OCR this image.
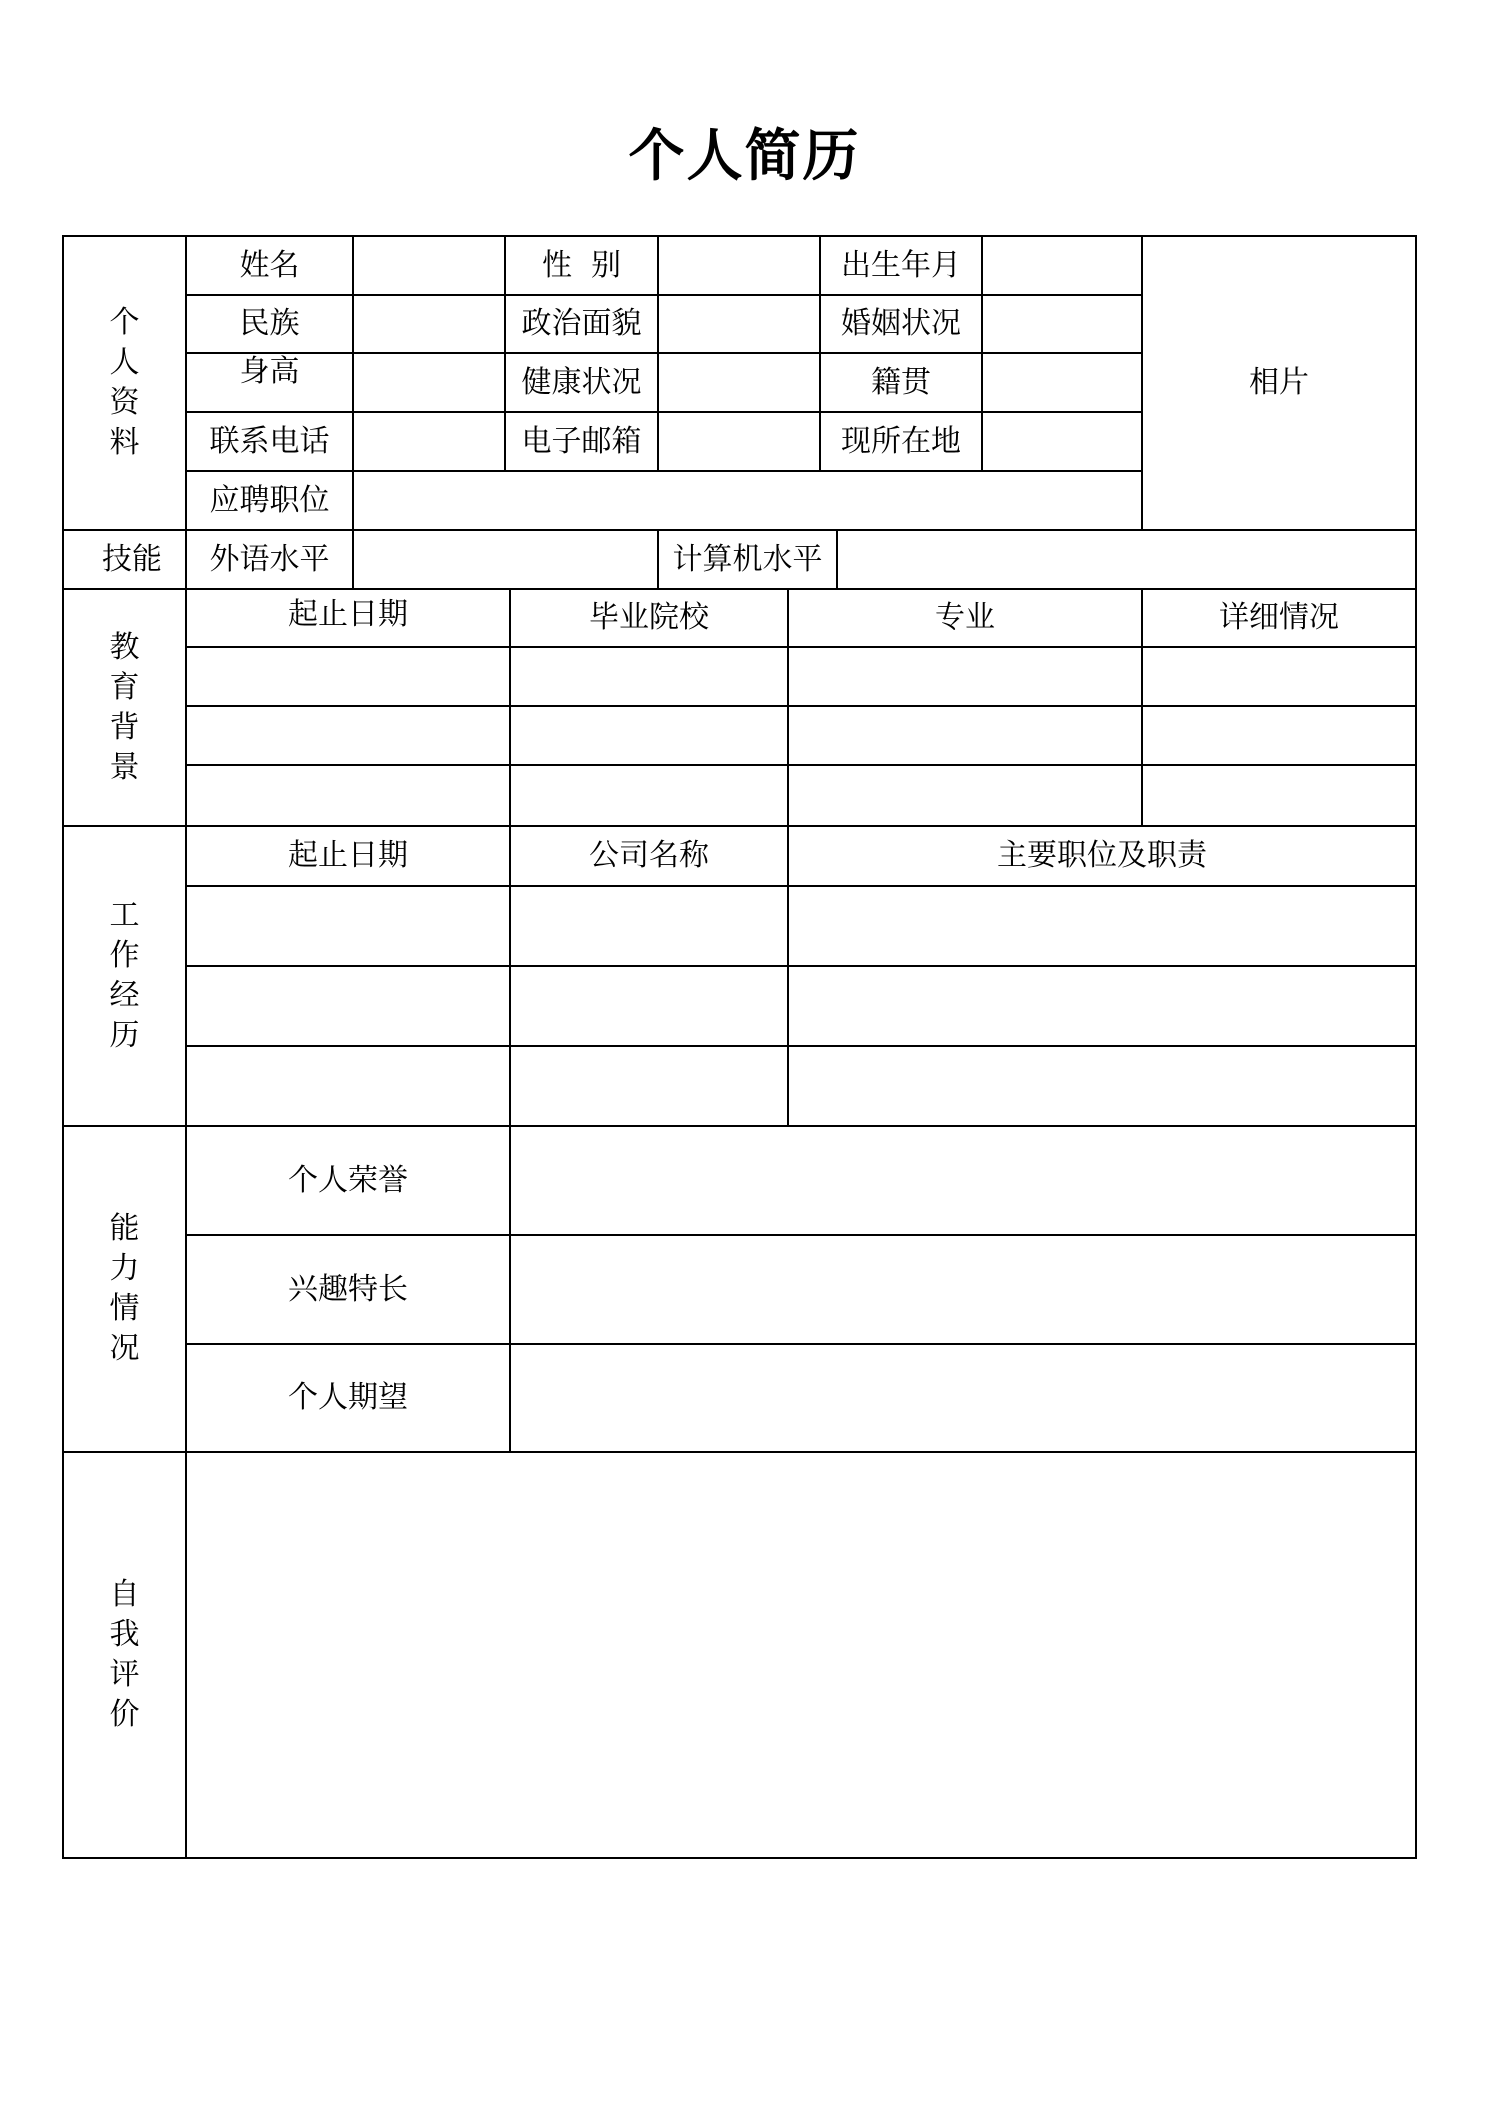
个人简历
个
人
资
料
姓名	性  别	出生年月
民族	政治面貌	婚姻状况
身高	健康状况	籍贯
联系电话	电子邮箱	现所在地
应聘职位
相片
技能	外语水平	计算机水平
教
育
背
景
起止日期	毕业院校	专业	详细情况
工
作
经
历
起止日期	公司名称	主要职位及职责
能
力
情
况
个人荣誉
兴趣特长
个人期望
自
我
评
价
